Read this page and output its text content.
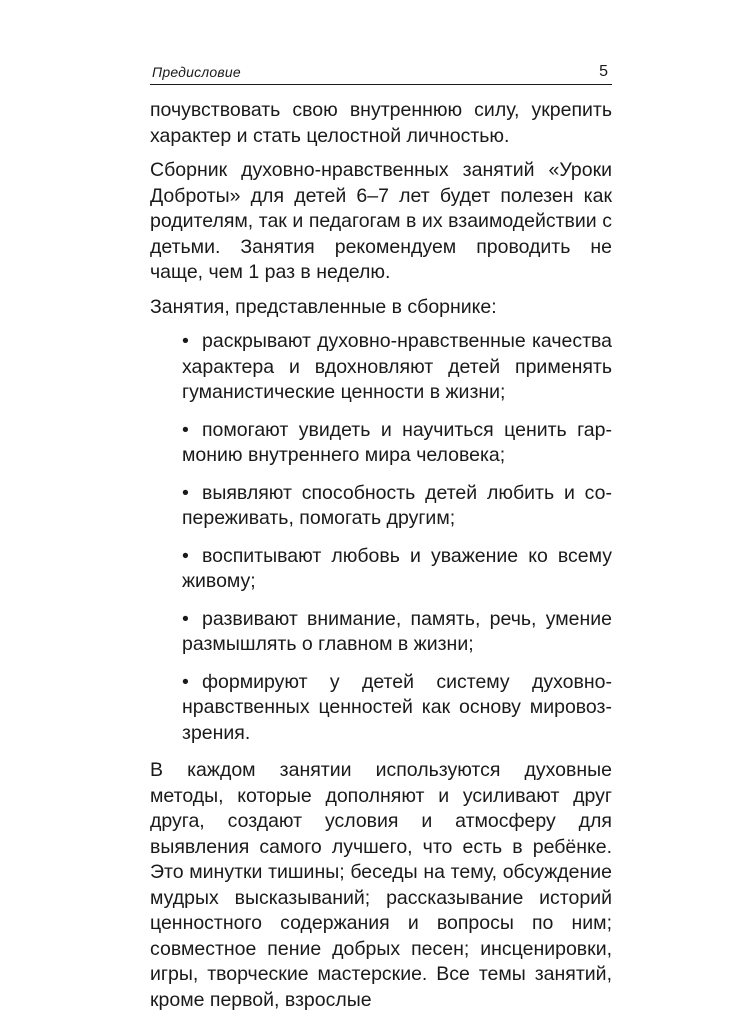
Предисловие	5

почувствовать свою внутреннюю силу, укрепить характер и стать целостной личностью.

Сборник духовно-нравственных занятий «Уроки Доброты» для детей 6–7 лет будет полезен как родителям, так и педагогам в их взаимодействии с детьми. Занятия рекомендуем проводить не чаще, чем 1 раз в неделю.

Занятия, представленные в сборнике:

• раскрывают духовно-нравственные качества характера и вдохновляют детей применять гуманистические ценности в жизни;
• помогают увидеть и научиться ценить гармонию внутреннего мира человека;
• выявляют способность детей любить и сопереживать, помогать другим;
• воспитывают любовь и уважение ко всему живому;
• развивают внимание, память, речь, умение размышлять о главном в жизни;
• формируют у детей систему духовно-нравственных ценностей как основу мировоззрения.

В каждом занятии используются духовные методы, которые дополняют и усиливают друг друга, создают условия и атмосферу для выявления самого лучшего, что есть в ребёнке. Это минутки тишины; беседы на тему, обсуждение мудрых высказываний; рассказывание историй ценностного содержания и вопросы по ним; совместное пение добрых песен; инсценировки, игры, творческие мастерские. Все темы занятий, кроме первой, взрослые
